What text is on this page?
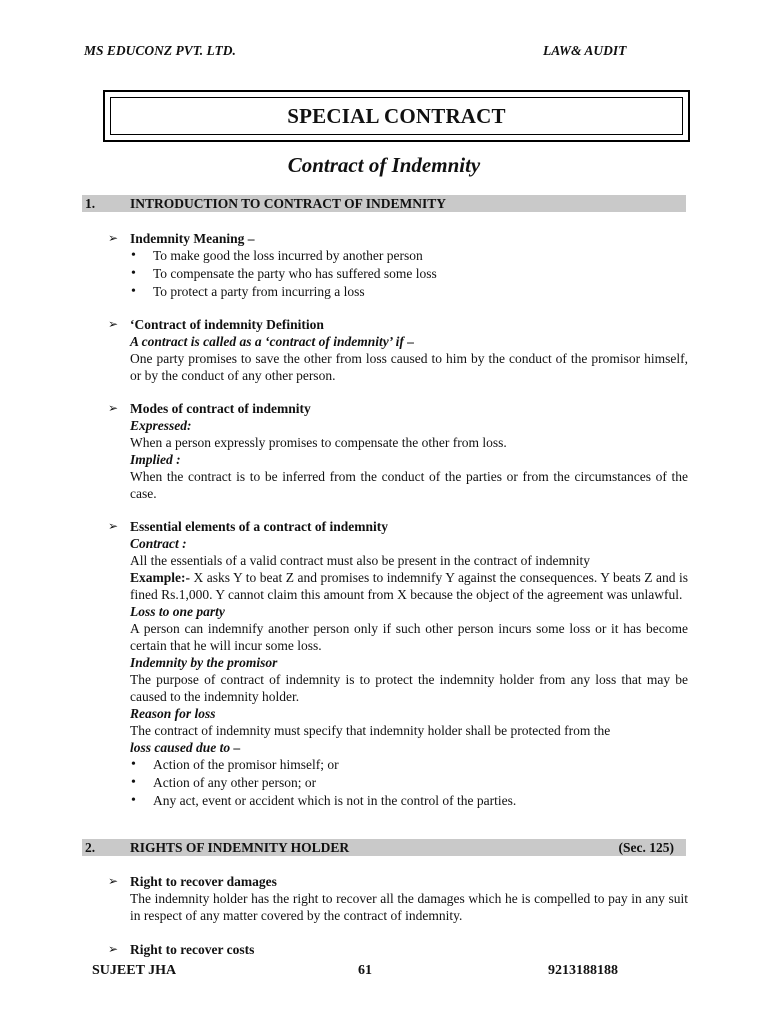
MS EDUCONZ PVT. LTD.	LAW& AUDIT
SPECIAL CONTRACT
Contract of Indemnity
1.	INTRODUCTION TO CONTRACT OF INDEMNITY
➢ Indemnity Meaning –
• To make good the loss incurred by another person
• To compensate the party who has suffered some loss
• To protect a party from incurring a loss
➢ ‘Contract of indemnity Definition
A contract is called as a ‘contract of indemnity’ if –
One party promises to save the other from loss caused to him by the conduct of the promisor himself, or by the conduct of any other person.
➢ Modes of contract of indemnity
Expressed:
When a person expressly promises to compensate the other from loss.
Implied :
When the contract is to be inferred from the conduct of the parties or from the circumstances of the case.
➢ Essential elements of a contract of indemnity
Contract :
All the essentials of a valid contract must also be present in the contract of indemnity
Example:- X asks Y to beat Z and promises to indemnify Y against the consequences. Y beats Z and is fined Rs.1,000. Y cannot claim this amount from X because the object of the agreement was unlawful.
Loss to one party
A person can indemnify another person only if such other person incurs some loss or it has become certain that he will incur some loss.
Indemnity by the promisor
The purpose of contract of indemnity is to protect the indemnity holder from any loss that may be caused to the indemnity holder.
Reason for loss
The contract of indemnity must specify that indemnity holder shall be protected from the
loss caused due to –
• Action of the promisor himself; or
• Action of any other person; or
• Any act, event or accident which is not in the control of the parties.
2.	RIGHTS OF INDEMNITY HOLDER	(Sec. 125)
➢ Right to recover damages
The indemnity holder has the right to recover all the damages which he is compelled to pay in any suit in respect of any matter covered by the contract of indemnity.
➢ Right to recover costs
SUJEET JHA	61	9213188188
